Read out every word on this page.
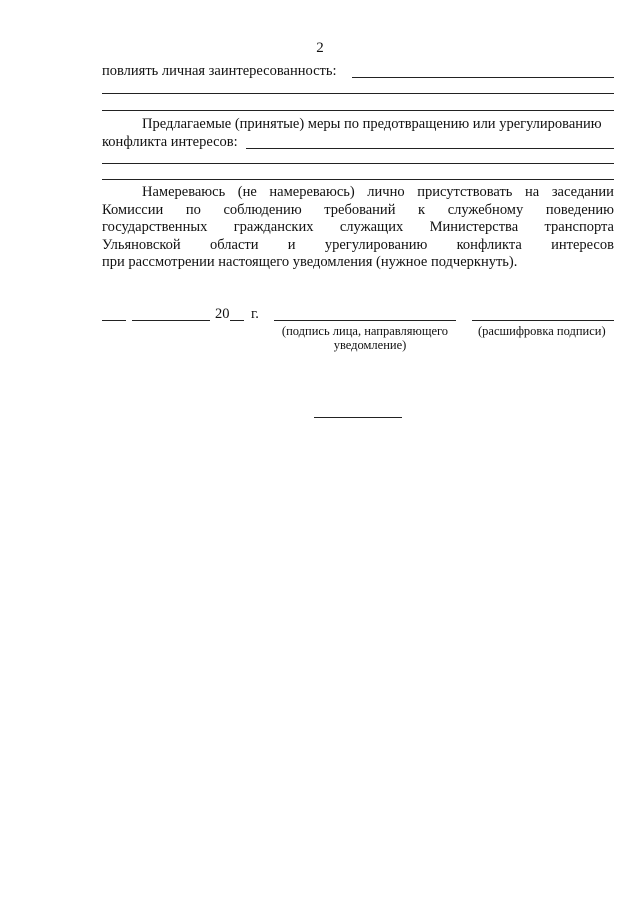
2
повлиять личная заинтересованность:
Предлагаемые (принятые) меры по предотвращению или урегулированию
конфликта интересов:
Намереваюсь (не намереваюсь) лично присутствовать на заседании
Комиссии по соблюдению требований к служебному поведению
государственных гражданских служащих Министерства транспорта
Ульяновской области и урегулированию конфликта интересов
при рассмотрении настоящего уведомления (нужное подчеркнуть).
20 г.
(подпись лица, направляющего
уведомление)
(расшифровка подписи)
